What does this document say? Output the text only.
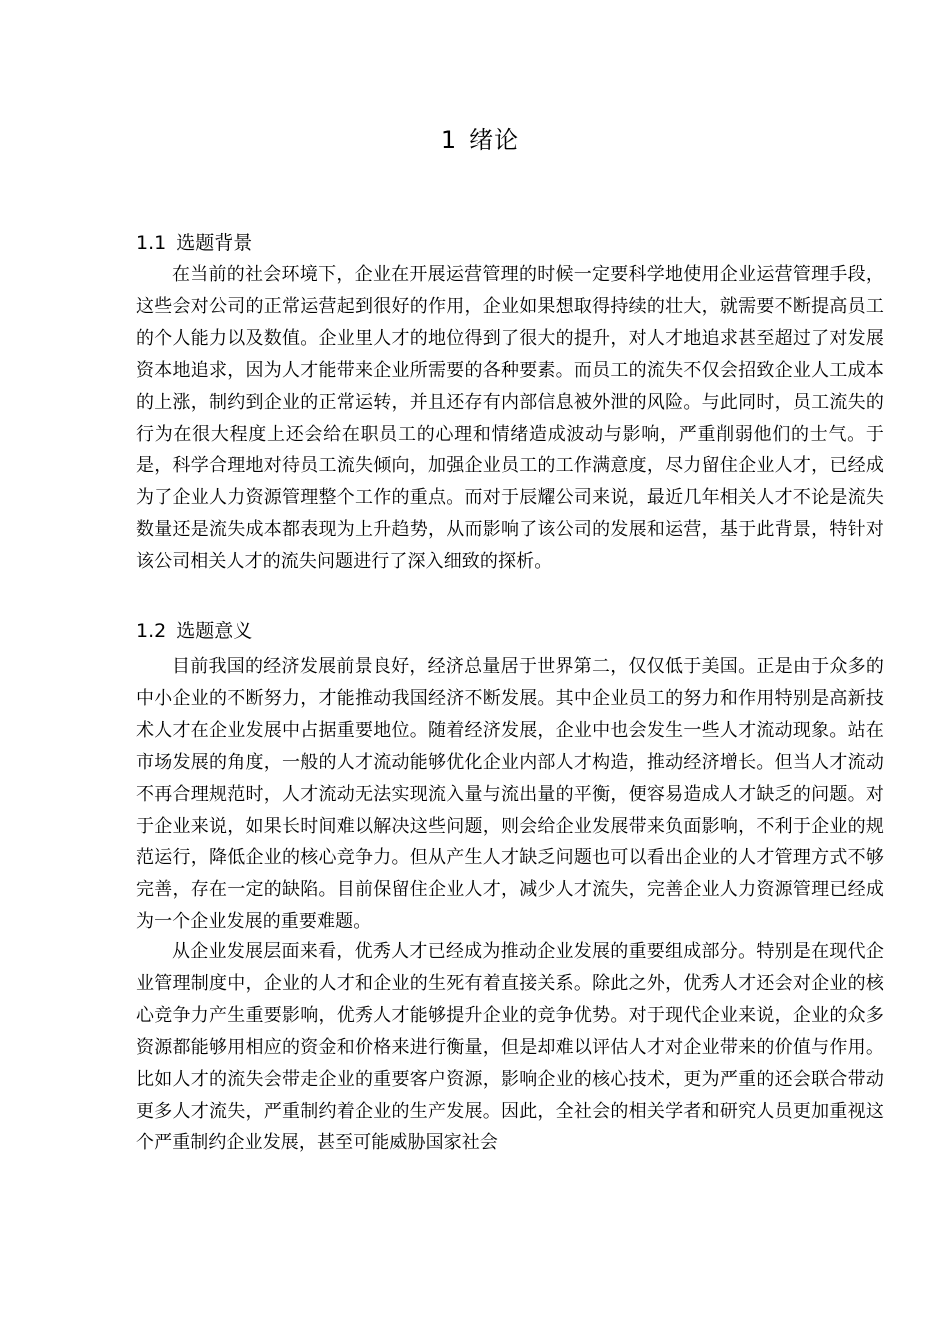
1 绪论
1.1 选题背景

在当前的社会环境下，企业在开展运营管理的时候一定要科学地使用企业运营管理手段，这些会对公司的正常运营起到很好的作用，企业如果想取得持续的壮大，就需要不断提高员工的个人能力以及数值。企业里人才的地位得到了很大的提升，对人才地追求甚至超过了对发展资本地追求，因为人才能带来企业所需要的各种要素。而员工的流失不仅会招致企业人工成本的上涨，制约到企业的正常运转，并且还存有内部信息被外泄的风险。与此同时，员工流失的行为在很大程度上还会给在职员工的心理和情绪造成波动与影响，严重削弱他们的士气。于是，科学合理地对待员工流失倾向，加强企业员工的工作满意度，尽力留住企业人才，已经成为了企业人力资源管理整个工作的重点。而对于辰耀公司来说，最近几年相关人才不论是流失数量还是流失成本都表现为上升趋势，从而影响了该公司的发展和运营，基于此背景，特针对该公司相关人才的流失问题进行了深入细致的探析。

1.2 选题意义

目前我国的经济发展前景良好，经济总量居于世界第二，仅仅低于美国。正是由于众多的中小企业的不断努力，才能推动我国经济不断发展。其中企业员工的努力和作用特别是高新技术人才在企业发展中占据重要地位。随着经济发展，企业中也会发生一些人才流动现象。站在市场发展的角度，一般的人才流动能够优化企业内部人才构造，推动经济增长。但当人才流动不再合理规范时，人才流动无法实现流入量与流出量的平衡，便容易造成人才缺乏的问题。对于企业来说，如果长时间难以解决这些问题，则会给企业发展带来负面影响，不利于企业的规范运行，降低企业的核心竞争力。但从产生人才缺乏问题也可以看出企业的人才管理方式不够完善，存在一定的缺陷。目前保留住企业人才，减少人才流失，完善企业人力资源管理已经成为一个企业发展的重要难题。

从企业发展层面来看，优秀人才已经成为推动企业发展的重要组成部分。特别是在现代企业管理制度中，企业的人才和企业的生死有着直接关系。除此之外，优秀人才还会对企业的核心竞争力产生重要影响，优秀人才能够提升企业的竞争优势。对于现代企业来说，企业的众多资源都能够用相应的资金和价格来进行衡量，但是却难以评估人才对企业带来的价值与作用。比如人才的流失会带走企业的重要客户资源，影响企业的核心技术，更为严重的还会联合带动更多人才流失，严重制约着企业的生产发展。因此，全社会的相关学者和研究人员更加重视这个严重制约企业发展，甚至可能威胁国家社会
